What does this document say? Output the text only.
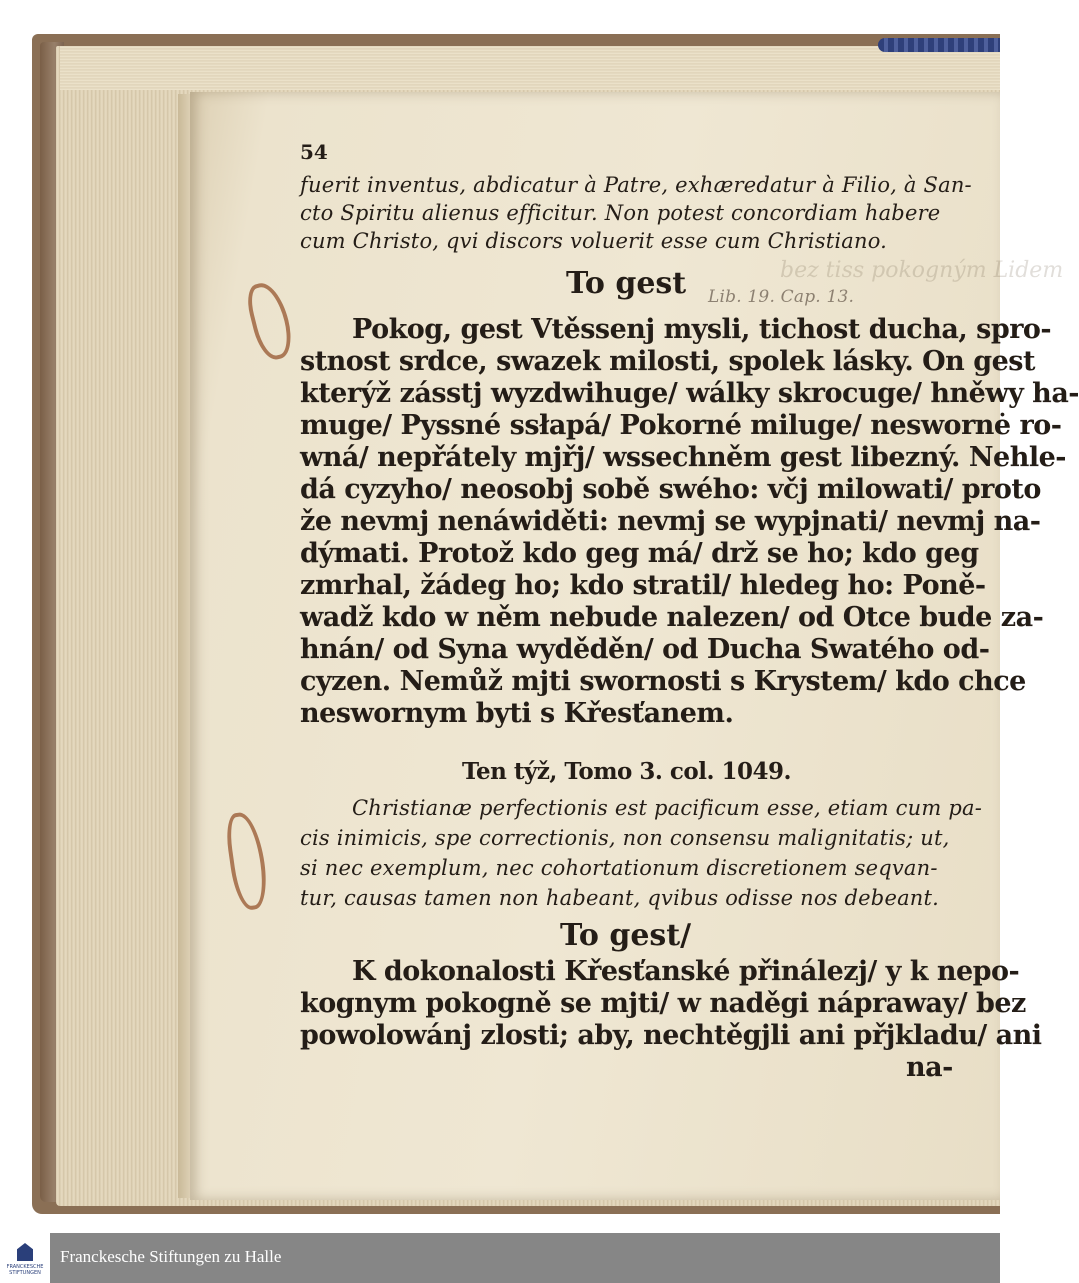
bez tiss pokogným Lidem
54
fuerit inventus, abdicatur à Patre, exhæredatur à Filio, à San-
cto Spiritu alienus efficitur. Non potest concordiam habere
cum Christo, qvi discors voluerit esse cum Christiano.
To gest Lib. 19. Cap. 13.
Pokog, gest Vtěssenj mysli, tichost ducha, spro-
stnost srdce, swazek milosti, spolek lásky. On gest
kterýž zásstj wyzdwihuge/ wálky skrocuge/ hněwy ha-
muge/ Pyssné ssłapá/ Pokorné miluge/ neswornė ro-
wná/ nepřátely mjřj/ wssechněm gest libezný. Nehle-
dá cyzyho/ neosobj sobě swého: včj milowati/ proto
že nevmj nenáwiděti: nevmj se wypjnati/ nevmj na-
dýmati. Protož kdo geg má/ drž se ho; kdo geg
zmrhal, žádeg ho; kdo stratil/ hledeg ho: Poně-
wadž kdo w něm nebude nalezen/ od Otce bude za-
hnán/ od Syna wyděděn/ od Ducha Swatého od-
cyzen. Nemůž mjti swornosti s Krystem/ kdo chce
neswornym byti s Křesťanem.
Ten týž, Tomo 3. col. 1049.
Christianæ perfectionis est pacificum esse, etiam cum pa-
cis inimicis, spe correctionis, non consensu malignitatis; ut,
si nec exemplum, nec cohortationum discretionem seqvan-
tur, causas tamen non habeant, qvibus odisse nos debeant.
To gest/
K dokonalosti Křesťanské přinálezj/ y k nepo-
kognym pokogně se mjti/ w naděgi nápraway/ bez
powolowánj zlosti; aby, nechtěgjli ani přjkladu/ ani
na-
FRANCKESCHE STIFTUNGEN
Franckesche Stiftungen zu Halle
